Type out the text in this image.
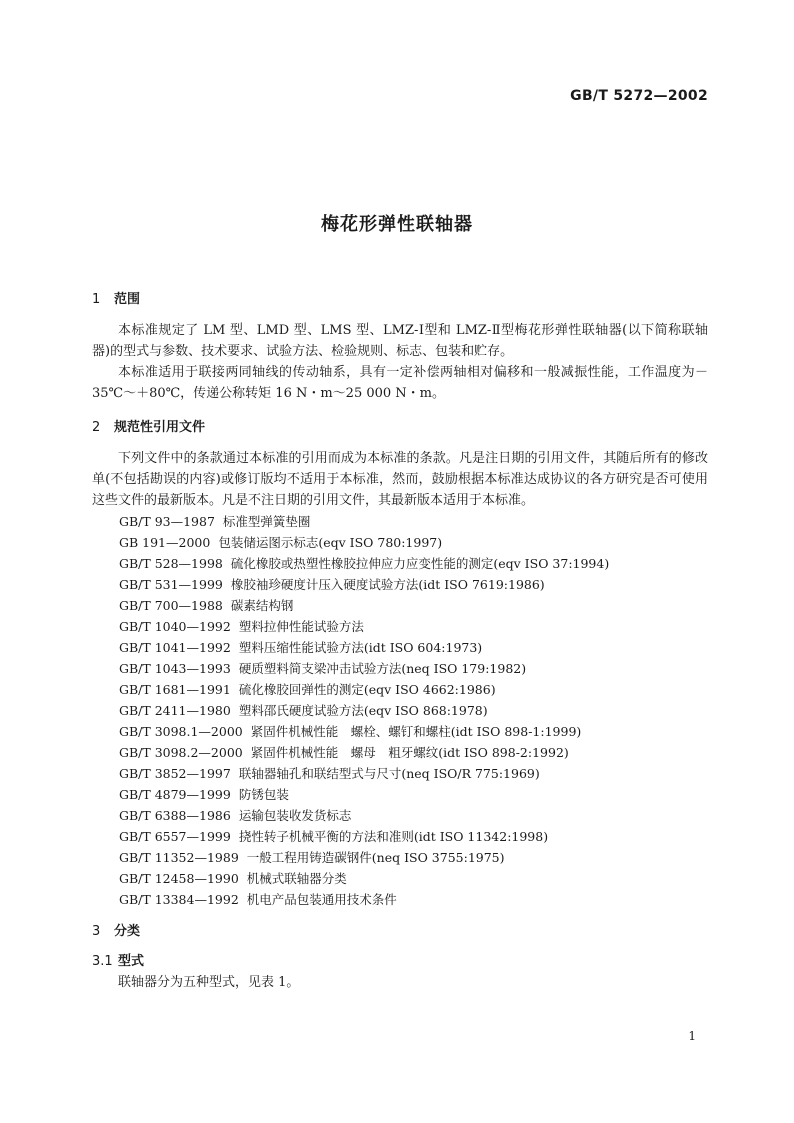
GB/T 5272—2002
梅花形弹性联轴器
1 范围

本标准规定了 LM 型、LMD 型、LMS 型、LMZ-Ⅰ型和 LMZ-Ⅱ型梅花形弹性联轴器(以下简称联轴器)的型式与参数、技术要求、试验方法、检验规则、标志、包装和贮存。

本标准适用于联接两同轴线的传动轴系，具有一定补偿两轴相对偏移和一般减振性能，工作温度为－35℃～＋80℃，传递公称转矩 16 N・m～25 000 N・m。

2 规范性引用文件

下列文件中的条款通过本标准的引用而成为本标准的条款。凡是注日期的引用文件，其随后所有的修改单(不包括勘误的内容)或修订版均不适用于本标准，然而，鼓励根据本标准达成协议的各方研究是否可使用这些文件的最新版本。凡是不注日期的引用文件，其最新版本适用于本标准。

GB/T 93—1987 标准型弹簧垫圈
GB 191—2000 包装储运图示标志(eqv ISO 780:1997)
GB/T 528—1998 硫化橡胶或热塑性橡胶拉伸应力应变性能的测定(eqv ISO 37:1994)
GB/T 531—1999 橡胶袖珍硬度计压入硬度试验方法(idt ISO 7619:1986)
GB/T 700—1988 碳素结构钢
GB/T 1040—1992 塑料拉伸性能试验方法
GB/T 1041—1992 塑料压缩性能试验方法(idt ISO 604:1973)
GB/T 1043—1993 硬质塑料简支梁冲击试验方法(neq ISO 179:1982)
GB/T 1681—1991 硫化橡胶回弹性的测定(eqv ISO 4662:1986)
GB/T 2411—1980 塑料邵氏硬度试验方法(eqv ISO 868:1978)
GB/T 3098.1—2000 紧固件机械性能　螺栓、螺钉和螺柱(idt ISO 898-1:1999)
GB/T 3098.2—2000 紧固件机械性能　螺母　粗牙螺纹(idt ISO 898-2:1992)
GB/T 3852—1997 联轴器轴孔和联结型式与尺寸(neq ISO/R 775:1969)
GB/T 4879—1999 防锈包装
GB/T 6388—1986 运输包装收发货标志
GB/T 6557—1999 挠性转子机械平衡的方法和准则(idt ISO 11342:1998)
GB/T 11352—1989 一般工程用铸造碳钢件(neq ISO 3755:1975)
GB/T 12458—1990 机械式联轴器分类
GB/T 13384—1992 机电产品包装通用技术条件
3 分类
3.1 型式

联轴器分为五种型式，见表 1。

1
